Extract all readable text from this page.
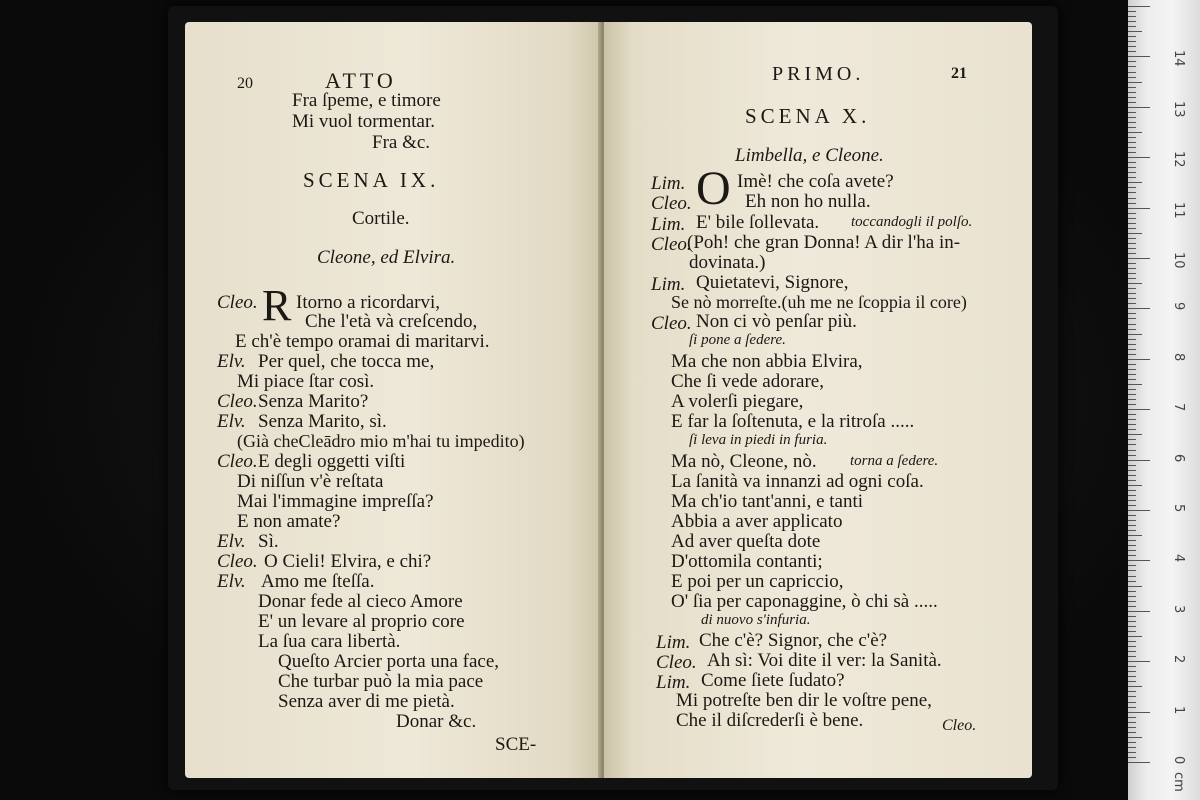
20	ATTO
Fra ſpeme, e timore
Mi vuol tormentar.
Fra &c.
SCENA IX.
Cortile.
Cleone, ed Elvira.
R
Cleo. Itorno a ricordarvi,
Che l'età và creſcendo,
E ch'è tempo oramai di maritarvi.
Elv. Per quel, che tocca me,
Mi piace ſtar così.
Cleo. Senza Marito?
Elv. Senza Marito, sì.
(Già cheCleādro mio m'hai tu impedito)
Cleo. E degli oggetti viſti
Di niſſun v'è reſtata
Mai l'immagine impreſſa?
E non amate?
Elv. Sì.
Cleo. O Cieli! Elvira, e chi?
Elv. Amo me ſteſſa.
Donar fede al cieco Amore
E' un levare al proprio core
La ſua cara libertà.
Queſto Arcier porta una face,
Che turbar può la mia pace
Senza aver di me pietà.
Donar &c.
SCE-
PRIMO.	21
SCENA X.
Limbella, e Cleone.
O
Lim.	Imè! che coſa avete?
Cleo.	Eh non ho nulla.
Lim. E' bile ſollevata. toccandogli il polſo.
Cleo.
(Poh! che gran Donna! A dir l'ha in-
dovinata.)
Lim. Quietatevi, Signore,
Se nò morreſte.(uh me ne ſcoppia il core)
Cleo. Non ci vò penſar più.
ſi pone a ſedere.
Ma che non abbia Elvira,
Che ſi vede adorare,
A volerſi piegare,
E far la ſoſtenuta, e la ritroſa .....
ſi leva in piedi in furia.
Ma nò, Cleone, nò. torna a ſedere.
La ſanità va innanzi ad ogni coſa.
Ma ch'io tant'anni, e tanti
Abbia a aver applicato
Ad aver queſta dote
D'ottomila contanti;
E poi per un capriccio,
O' ſia per caponaggine, ò chi sà .....
di nuovo s'infuria.
Lim. Che c'è? Signor, che c'è?
Cleo. Ah sì: Voi dite il ver: la Sanità.
Lim. Come ſiete ſudato?
Mi potreſte ben dir le voſtre pene,
Che il diſcrederſi è bene.	Cleo.
0
1
2
3
4
5
6
7
8
9
10
11
12
13
14
cm
